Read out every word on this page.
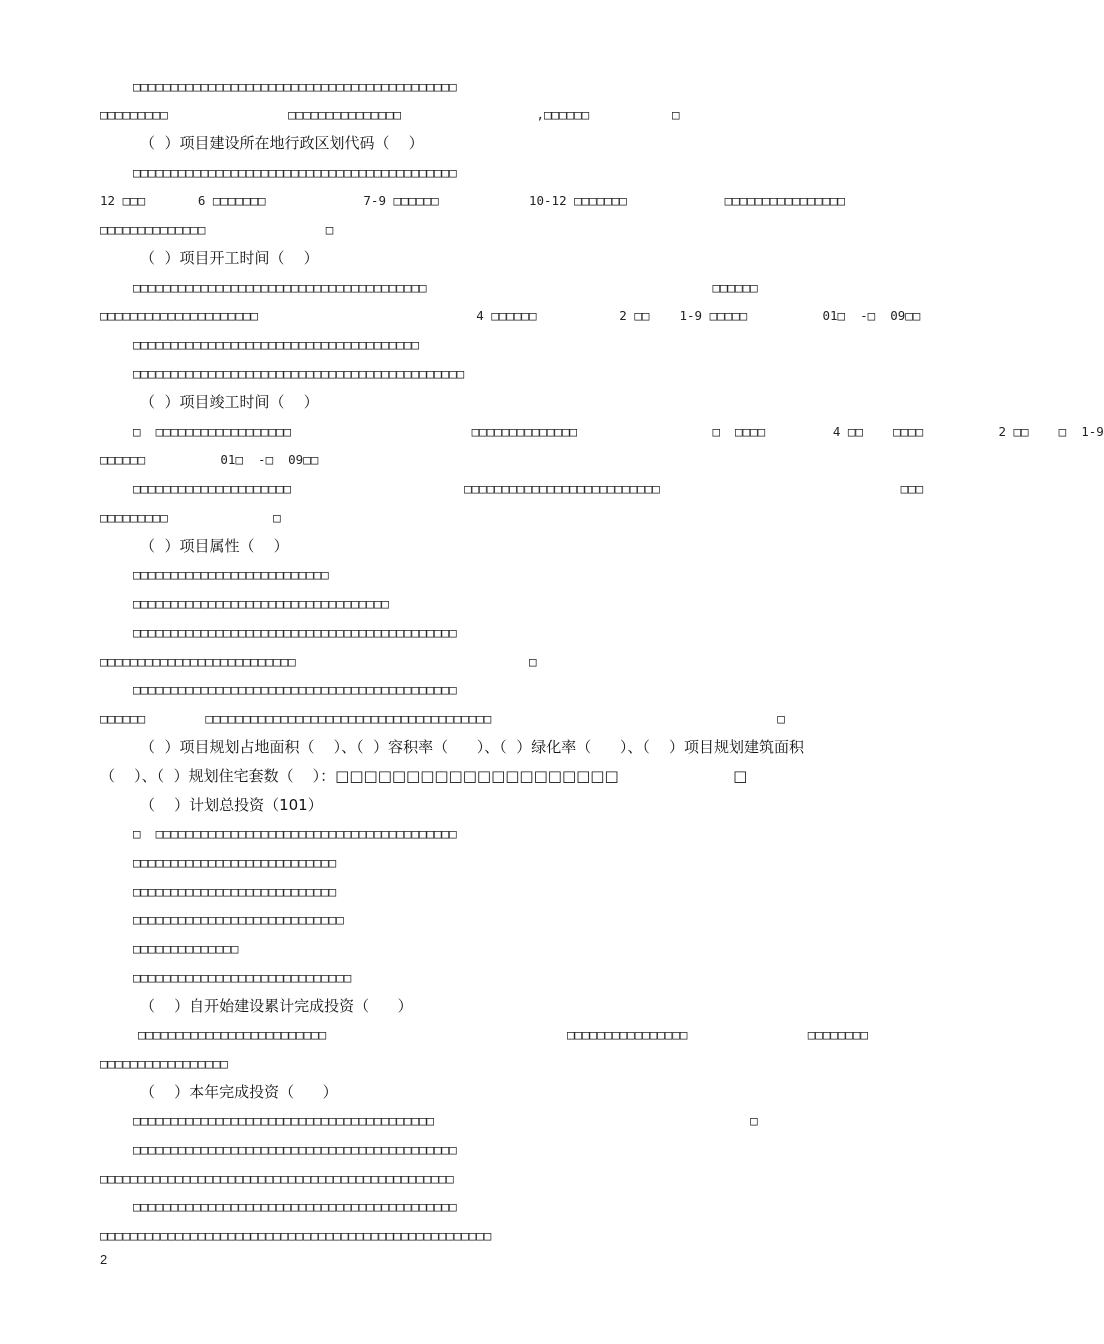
□□□□□□□□□□□□□□□□□□□□□□□□□□□□□□□□□□□□□□□□□□□
□□□□□□□□□                □□□□□□□□□□□□□□□                  ,□□□□□□           □
（  ）项目建设所在地行政区划代码（    ）
□□□□□□□□□□□□□□□□□□□□□□□□□□□□□□□□□□□□□□□□□□□
12 □□□       6 □□□□□□□             7-9 □□□□□□            10-12 □□□□□□□             □□□□□□□□□□□□□□□□
□□□□□□□□□□□□□□                □
（  ）项目开工时间（    ）
□□□□□□□□□□□□□□□□□□□□□□□□□□□□□□□□□□□□□□□                                      □□□□□□
□□□□□□□□□□□□□□□□□□□□□                             4 □□□□□□           2 □□    1-9 □□□□□          01□  -□  09□□
□□□□□□□□□□□□□□□□□□□□□□□□□□□□□□□□□□□□□□
□□□□□□□□□□□□□□□□□□□□□□□□□□□□□□□□□□□□□□□□□□□□
（  ）项目竣工时间（    ）
□  □□□□□□□□□□□□□□□□□□                        □□□□□□□□□□□□□□                  □  □□□□         4 □□    □□□□          2 □□    □  1-9
□□□□□□          01□  -□  09□□
□□□□□□□□□□□□□□□□□□□□□                       □□□□□□□□□□□□□□□□□□□□□□□□□□                                □□□
□□□□□□□□□              □
（  ）项目属性（    ）
□□□□□□□□□□□□□□□□□□□□□□□□□□
□□□□□□□□□□□□□□□□□□□□□□□□□□□□□□□□□□
□□□□□□□□□□□□□□□□□□□□□□□□□□□□□□□□□□□□□□□□□□□
□□□□□□□□□□□□□□□□□□□□□□□□□□                               □
□□□□□□□□□□□□□□□□□□□□□□□□□□□□□□□□□□□□□□□□□□□
□□□□□□        □□□□□□□□□□□□□□□□□□□□□□□□□□□□□□□□□□□□□□                                      □
（  ）项目规划占地面积（    ）、（  ）容积率（      ）、（  ）绿化率（      ）、（    ）项目规划建筑面积
（    ）、（  ）规划住宅套数（    ）：□□□□□□□□□□□□□□□□□□□□                        □
（    ）计划总投资（101）
□  □□□□□□□□□□□□□□□□□□□□□□□□□□□□□□□□□□□□□□□□
□□□□□□□□□□□□□□□□□□□□□□□□□□□
□□□□□□□□□□□□□□□□□□□□□□□□□□□
□□□□□□□□□□□□□□□□□□□□□□□□□□□□
□□□□□□□□□□□□□□
□□□□□□□□□□□□□□□□□□□□□□□□□□□□□
（    ）自开始建设累计完成投资（      ）
□□□□□□□□□□□□□□□□□□□□□□□□□                                □□□□□□□□□□□□□□□□                □□□□□□□□
□□□□□□□□□□□□□□□□□
（    ）本年完成投资（      ）
□□□□□□□□□□□□□□□□□□□□□□□□□□□□□□□□□□□□□□□□                                          □
□□□□□□□□□□□□□□□□□□□□□□□□□□□□□□□□□□□□□□□□□□□
□□□□□□□□□□□□□□□□□□□□□□□□□□□□□□□□□□□□□□□□□□□□□□□
□□□□□□□□□□□□□□□□□□□□□□□□□□□□□□□□□□□□□□□□□□□
□□□□□□□□□□□□□□□□□□□□□□□□□□□□□□□□□□□□□□□□□□□□□□□□□□□□
2
